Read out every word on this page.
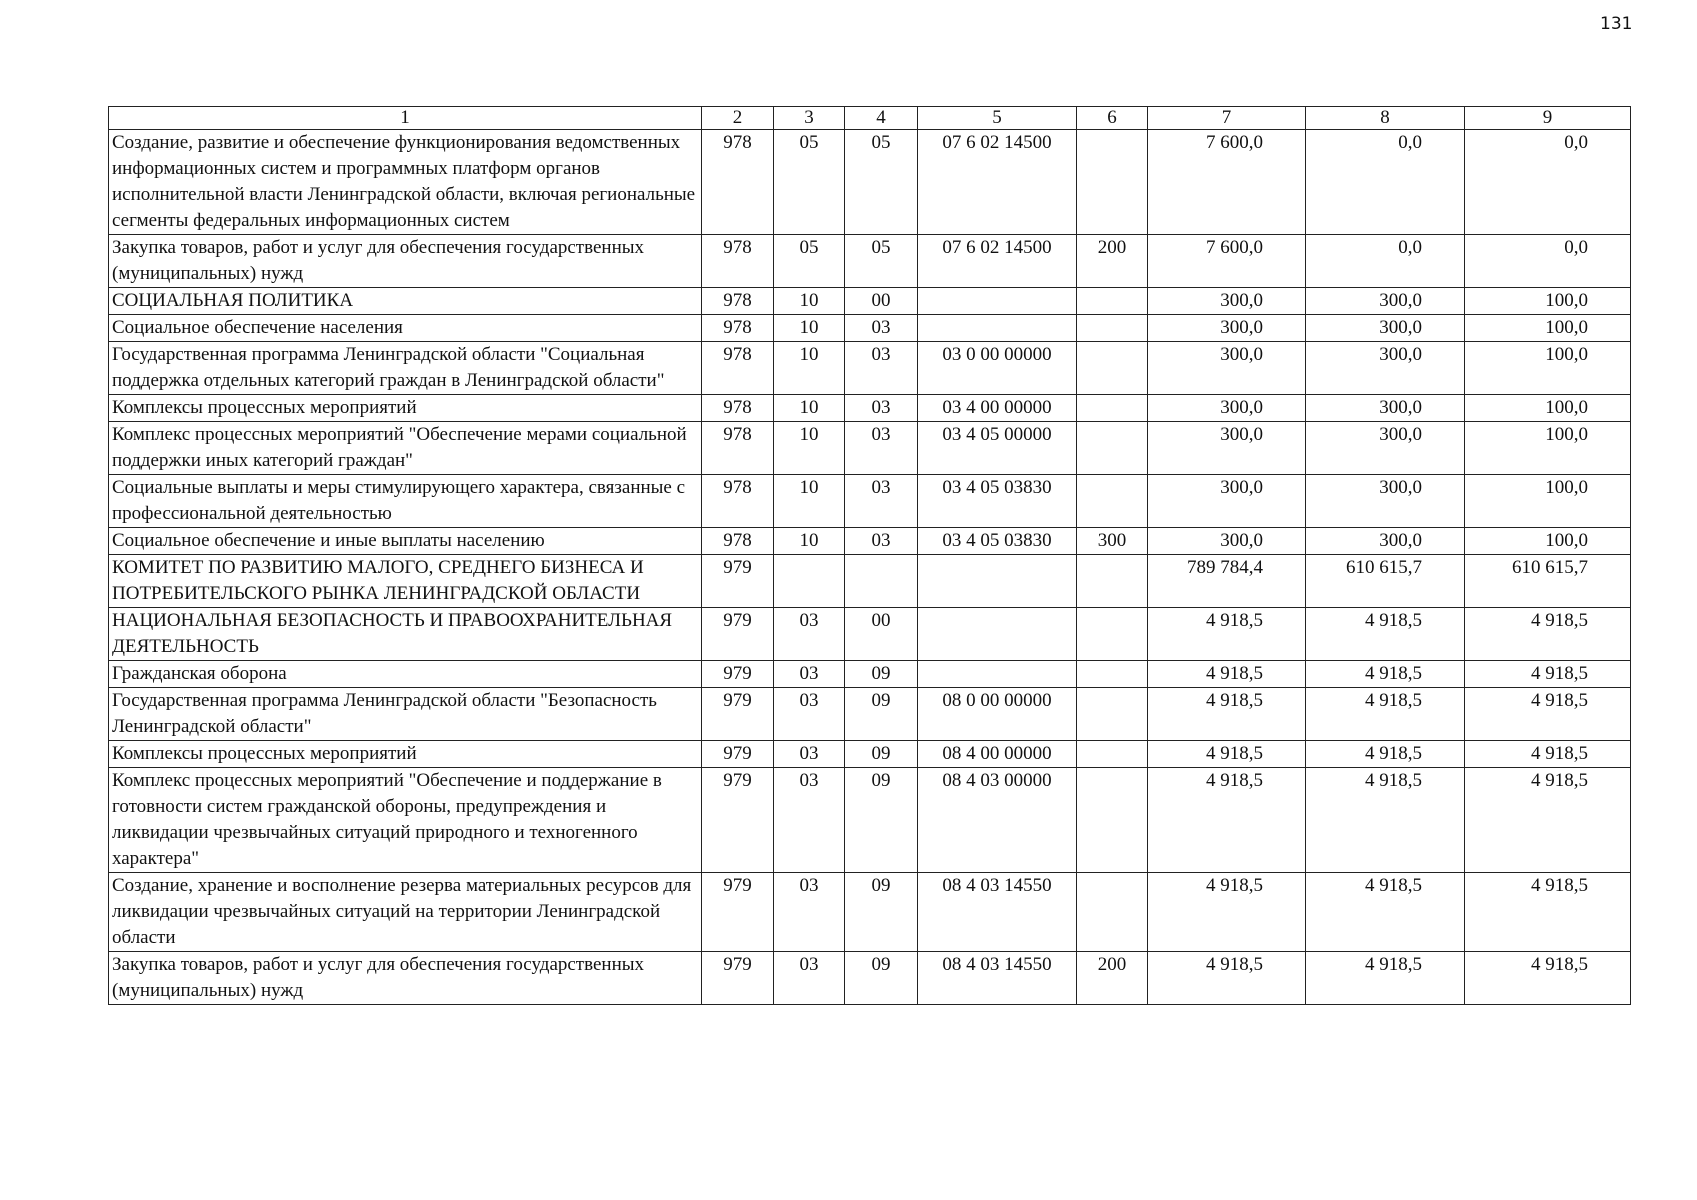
131
1	2	3	4	5	6	7	8	9
Создание, развитие и обеспечение функционирования ведомственных информационных систем и программных платформ органов исполнительной власти Ленинградской области, включая региональные сегменты федеральных информационных систем	978	05	05	07 6 02 14500		7 600,0	0,0	0,0
Закупка товаров, работ и услуг для обеспечения государственных (муниципальных) нужд	978	05	05	07 6 02 14500	200	7 600,0	0,0	0,0
СОЦИАЛЬНАЯ ПОЛИТИКА	978	10	00			300,0	300,0	100,0
Социальное обеспечение населения	978	10	03			300,0	300,0	100,0
Государственная программа Ленинградской области "Социальная поддержка отдельных категорий граждан в Ленинградской области"	978	10	03	03 0 00 00000		300,0	300,0	100,0
Комплексы процессных мероприятий	978	10	03	03 4 00 00000		300,0	300,0	100,0
Комплекс процессных мероприятий "Обеспечение мерами социальной поддержки иных категорий граждан"	978	10	03	03 4 05 00000		300,0	300,0	100,0
Социальные выплаты и меры стимулирующего характера, связанные с профессиональной деятельностью	978	10	03	03 4 05 03830		300,0	300,0	100,0
Социальное обеспечение и иные выплаты населению	978	10	03	03 4 05 03830	300	300,0	300,0	100,0
КОМИТЕТ ПО РАЗВИТИЮ МАЛОГО, СРЕДНЕГО БИЗНЕСА И ПОТРЕБИТЕЛЬСКОГО РЫНКА ЛЕНИНГРАДСКОЙ ОБЛАСТИ	979					789 784,4	610 615,7	610 615,7
НАЦИОНАЛЬНАЯ БЕЗОПАСНОСТЬ И ПРАВООХРАНИТЕЛЬНАЯ ДЕЯТЕЛЬНОСТЬ	979	03	00			4 918,5	4 918,5	4 918,5
Гражданская оборона	979	03	09			4 918,5	4 918,5	4 918,5
Государственная программа Ленинградской области "Безопасность Ленинградской области"	979	03	09	08 0 00 00000		4 918,5	4 918,5	4 918,5
Комплексы процессных мероприятий	979	03	09	08 4 00 00000		4 918,5	4 918,5	4 918,5
Комплекс процессных мероприятий "Обеспечение и поддержание в готовности систем гражданской обороны, предупреждения и ликвидации чрезвычайных ситуаций природного и техногенного характера"	979	03	09	08 4 03 00000		4 918,5	4 918,5	4 918,5
Создание, хранение и восполнение резерва материальных ресурсов для ликвидации чрезвычайных ситуаций на территории Ленинградской области	979	03	09	08 4 03 14550		4 918,5	4 918,5	4 918,5
Закупка товаров, работ и услуг для обеспечения государственных (муниципальных) нужд	979	03	09	08 4 03 14550	200	4 918,5	4 918,5	4 918,5
